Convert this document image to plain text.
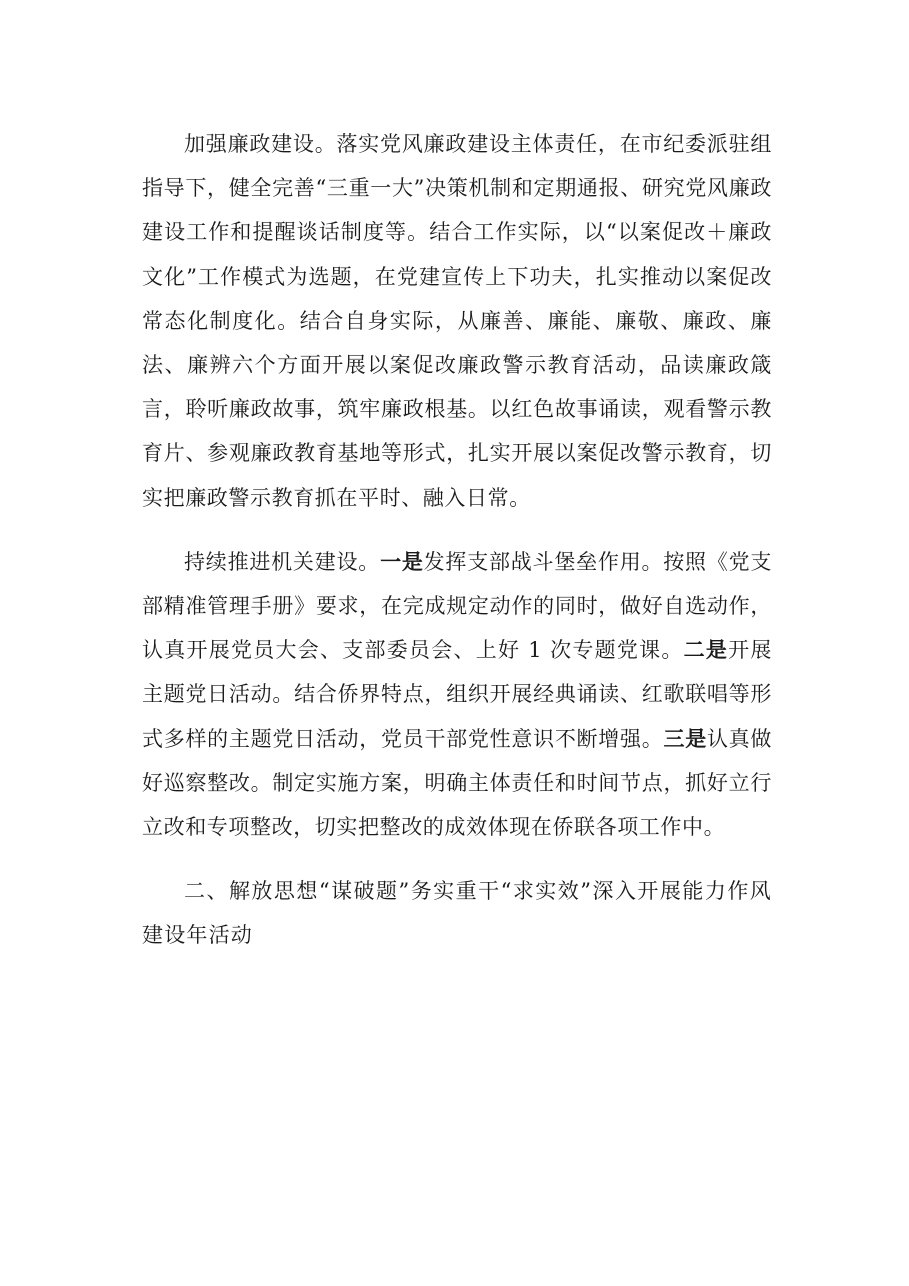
加强廉政建设。落实党风廉政建设主体责任，在市纪委派驻组指导下，健全完善“三重一大”决策机制和定期通报、研究党风廉政建设工作和提醒谈话制度等。结合工作实际，以“以案促改＋廉政文化”工作模式为选题，在党建宣传上下功夫，扎实推动以案促改常态化制度化。结合自身实际，从廉善、廉能、廉敬、廉政、廉法、廉辨六个方面开展以案促改廉政警示教育活动，品读廉政箴言，聆听廉政故事，筑牢廉政根基。以红色故事诵读，观看警示教育片、参观廉政教育基地等形式，扎实开展以案促改警示教育，切实把廉政警示教育抓在平时、融入日常。

持续推进机关建设。一是发挥支部战斗堡垒作用。按照《党支部精准管理手册》要求，在完成规定动作的同时，做好自选动作，认真开展党员大会、支部委员会、上好 1 次专题党课。二是开展主题党日活动。结合侨界特点，组织开展经典诵读、红歌联唱等形式多样的主题党日活动，党员干部党性意识不断增强。三是认真做好巡察整改。制定实施方案，明确主体责任和时间节点，抓好立行立改和专项整改，切实把整改的成效体现在侨联各项工作中。

二、解放思想“谋破题”务实重干“求实效”深入开展能力作风建设年活动
